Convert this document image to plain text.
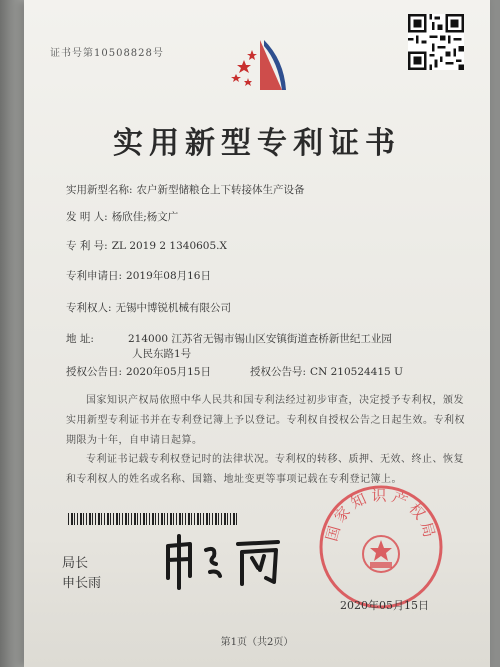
证书号第10508828号
实用新型专利证书
实用新型名称: 农户新型储粮仓上下转接体生产设备
发 明 人: 杨欣佳;杨文广
专 利 号: ZL 2019 2 1340605.X
专利申请日: 2019年08月16日
专利权人: 无锡中博锐机械有限公司
地 址:	214000 江苏省无锡市锡山区安镇街道查桥新世纪工业园
人民东路1号
授权公告日: 2020年05月15日	授权公告号: CN 210524415 U
国家知识产权局依照中华人民共和国专利法经过初步审查，决定授予专利权，颁发实用新型专利证书并在专利登记簿上予以登记。专利权自授权公告之日起生效。专利权期限为十年，自申请日起算。
专利证书记载专利权登记时的法律状况。专利权的转移、质押、无效、终止、恢复和专利权人的姓名或名称、国籍、地址变更等事项记载在专利登记簿上。
局长
申长雨
国家知识产权局
2020年05月15日
第1页（共2页）
